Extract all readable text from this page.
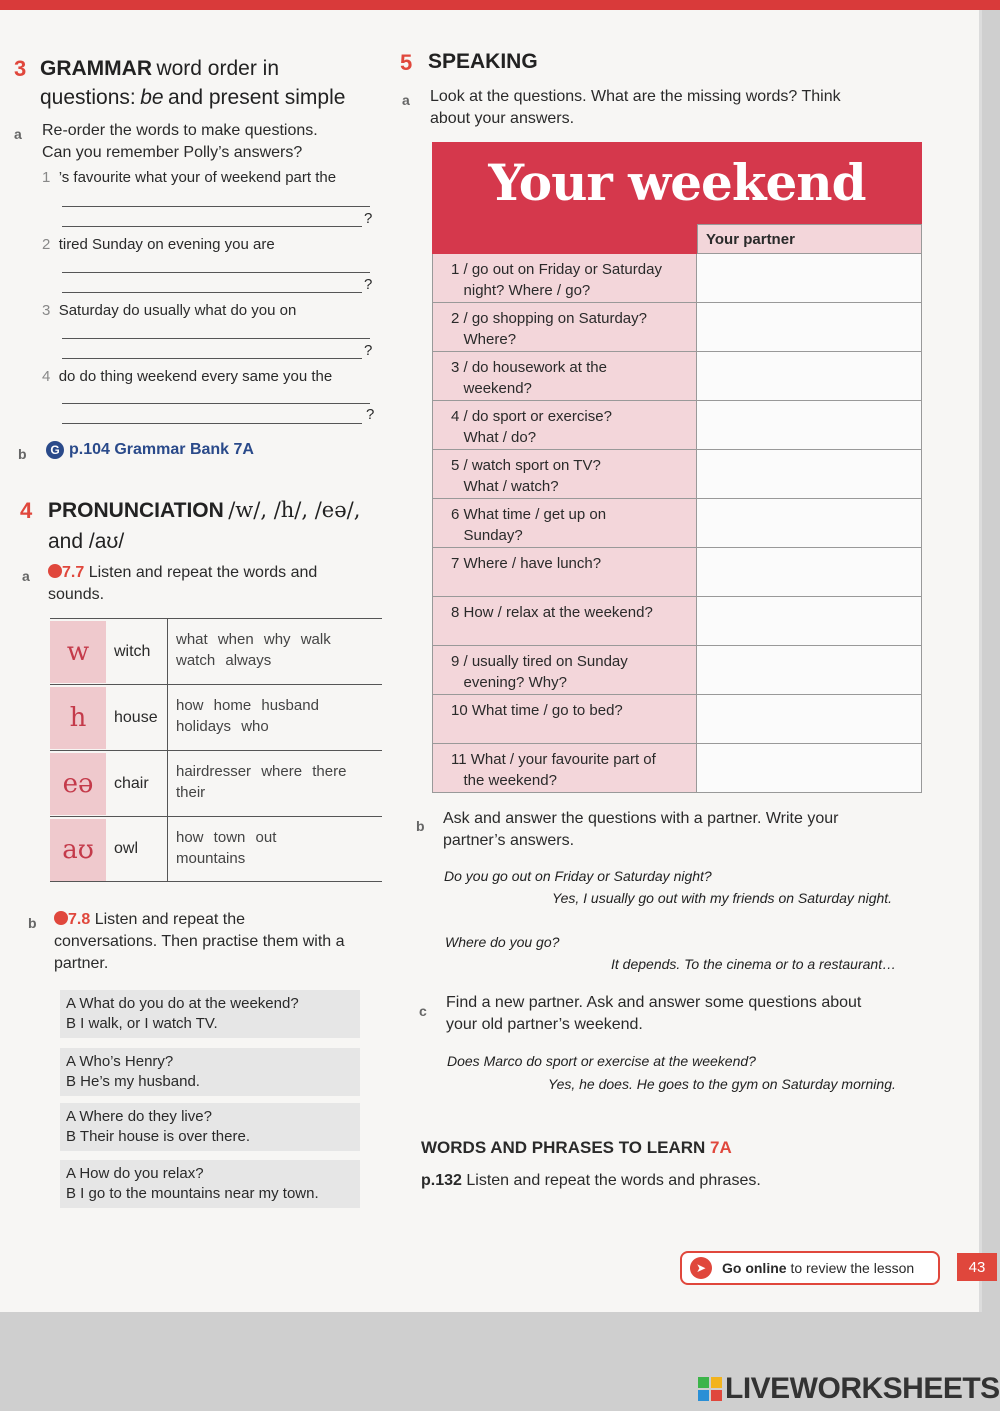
3 GRAMMAR word order in
questions: be and present simple
a Re-order the words to make questions.
Can you remember Polly’s answers?
1 ’s favourite what your of weekend part the
?
2 tired Sunday on evening you are
?
3 Saturday do usually what do you on
?
4 do do thing weekend every same you the
?
b	G p.104 Grammar Bank 7A
4 PRONUNCIATION /w/, /h/, /eə/,
and /aʊ/
a	7.7 Listen and repeat the words and
sounds.
w	witch
what when why walk
watch always
h	house
how home husband
holidays who
eə	chair
hairdresser where there
their
aʊ	owl
how town out
mountains
b	7.8 Listen and repeat the
conversations. Then practise them with a
partner.
A What do you do at the weekend?
B I walk, or I watch TV.
A Who’s Henry?
B He’s my husband.
A Where do they live?
B Their house is over there.
A How do you relax?
B I go to the mountains near my town.
5 SPEAKING
a Look at the questions. What are the missing words? Think
about your answers.
Your weekend
Your partner
1 / go out on Friday or Saturday
night? Where / go?
2 / go shopping on Saturday?
Where?
3 / do housework at the
weekend?
4 / do sport or exercise?
What / do?
5 / watch sport on TV?
What / watch?
6 What time / get up on
Sunday?
7 Where / have lunch?

8 How / relax at the weekend?

9 / usually tired on Sunday
evening? Why?
10 What time / go to bed?

11 What / your favourite part of
the weekend?
b Ask and answer the questions with a partner. Write your
partner’s answers.
Do you go out on Friday or Saturday night?
Yes, I usually go out with my friends on Saturday night.
Where do you go?
It depends. To the cinema or to a restaurant…
c Find a new partner. Ask and answer some questions about
your old partner’s weekend.
Does Marco do sport or exercise at the weekend?
Yes, he does. He goes to the gym on Saturday morning.
WORDS AND PHRASES TO LEARN 7A
p.132 Listen and repeat the words and phrases.
➤	Go online
to review the lesson	43
LIVEWORKSHEETS
